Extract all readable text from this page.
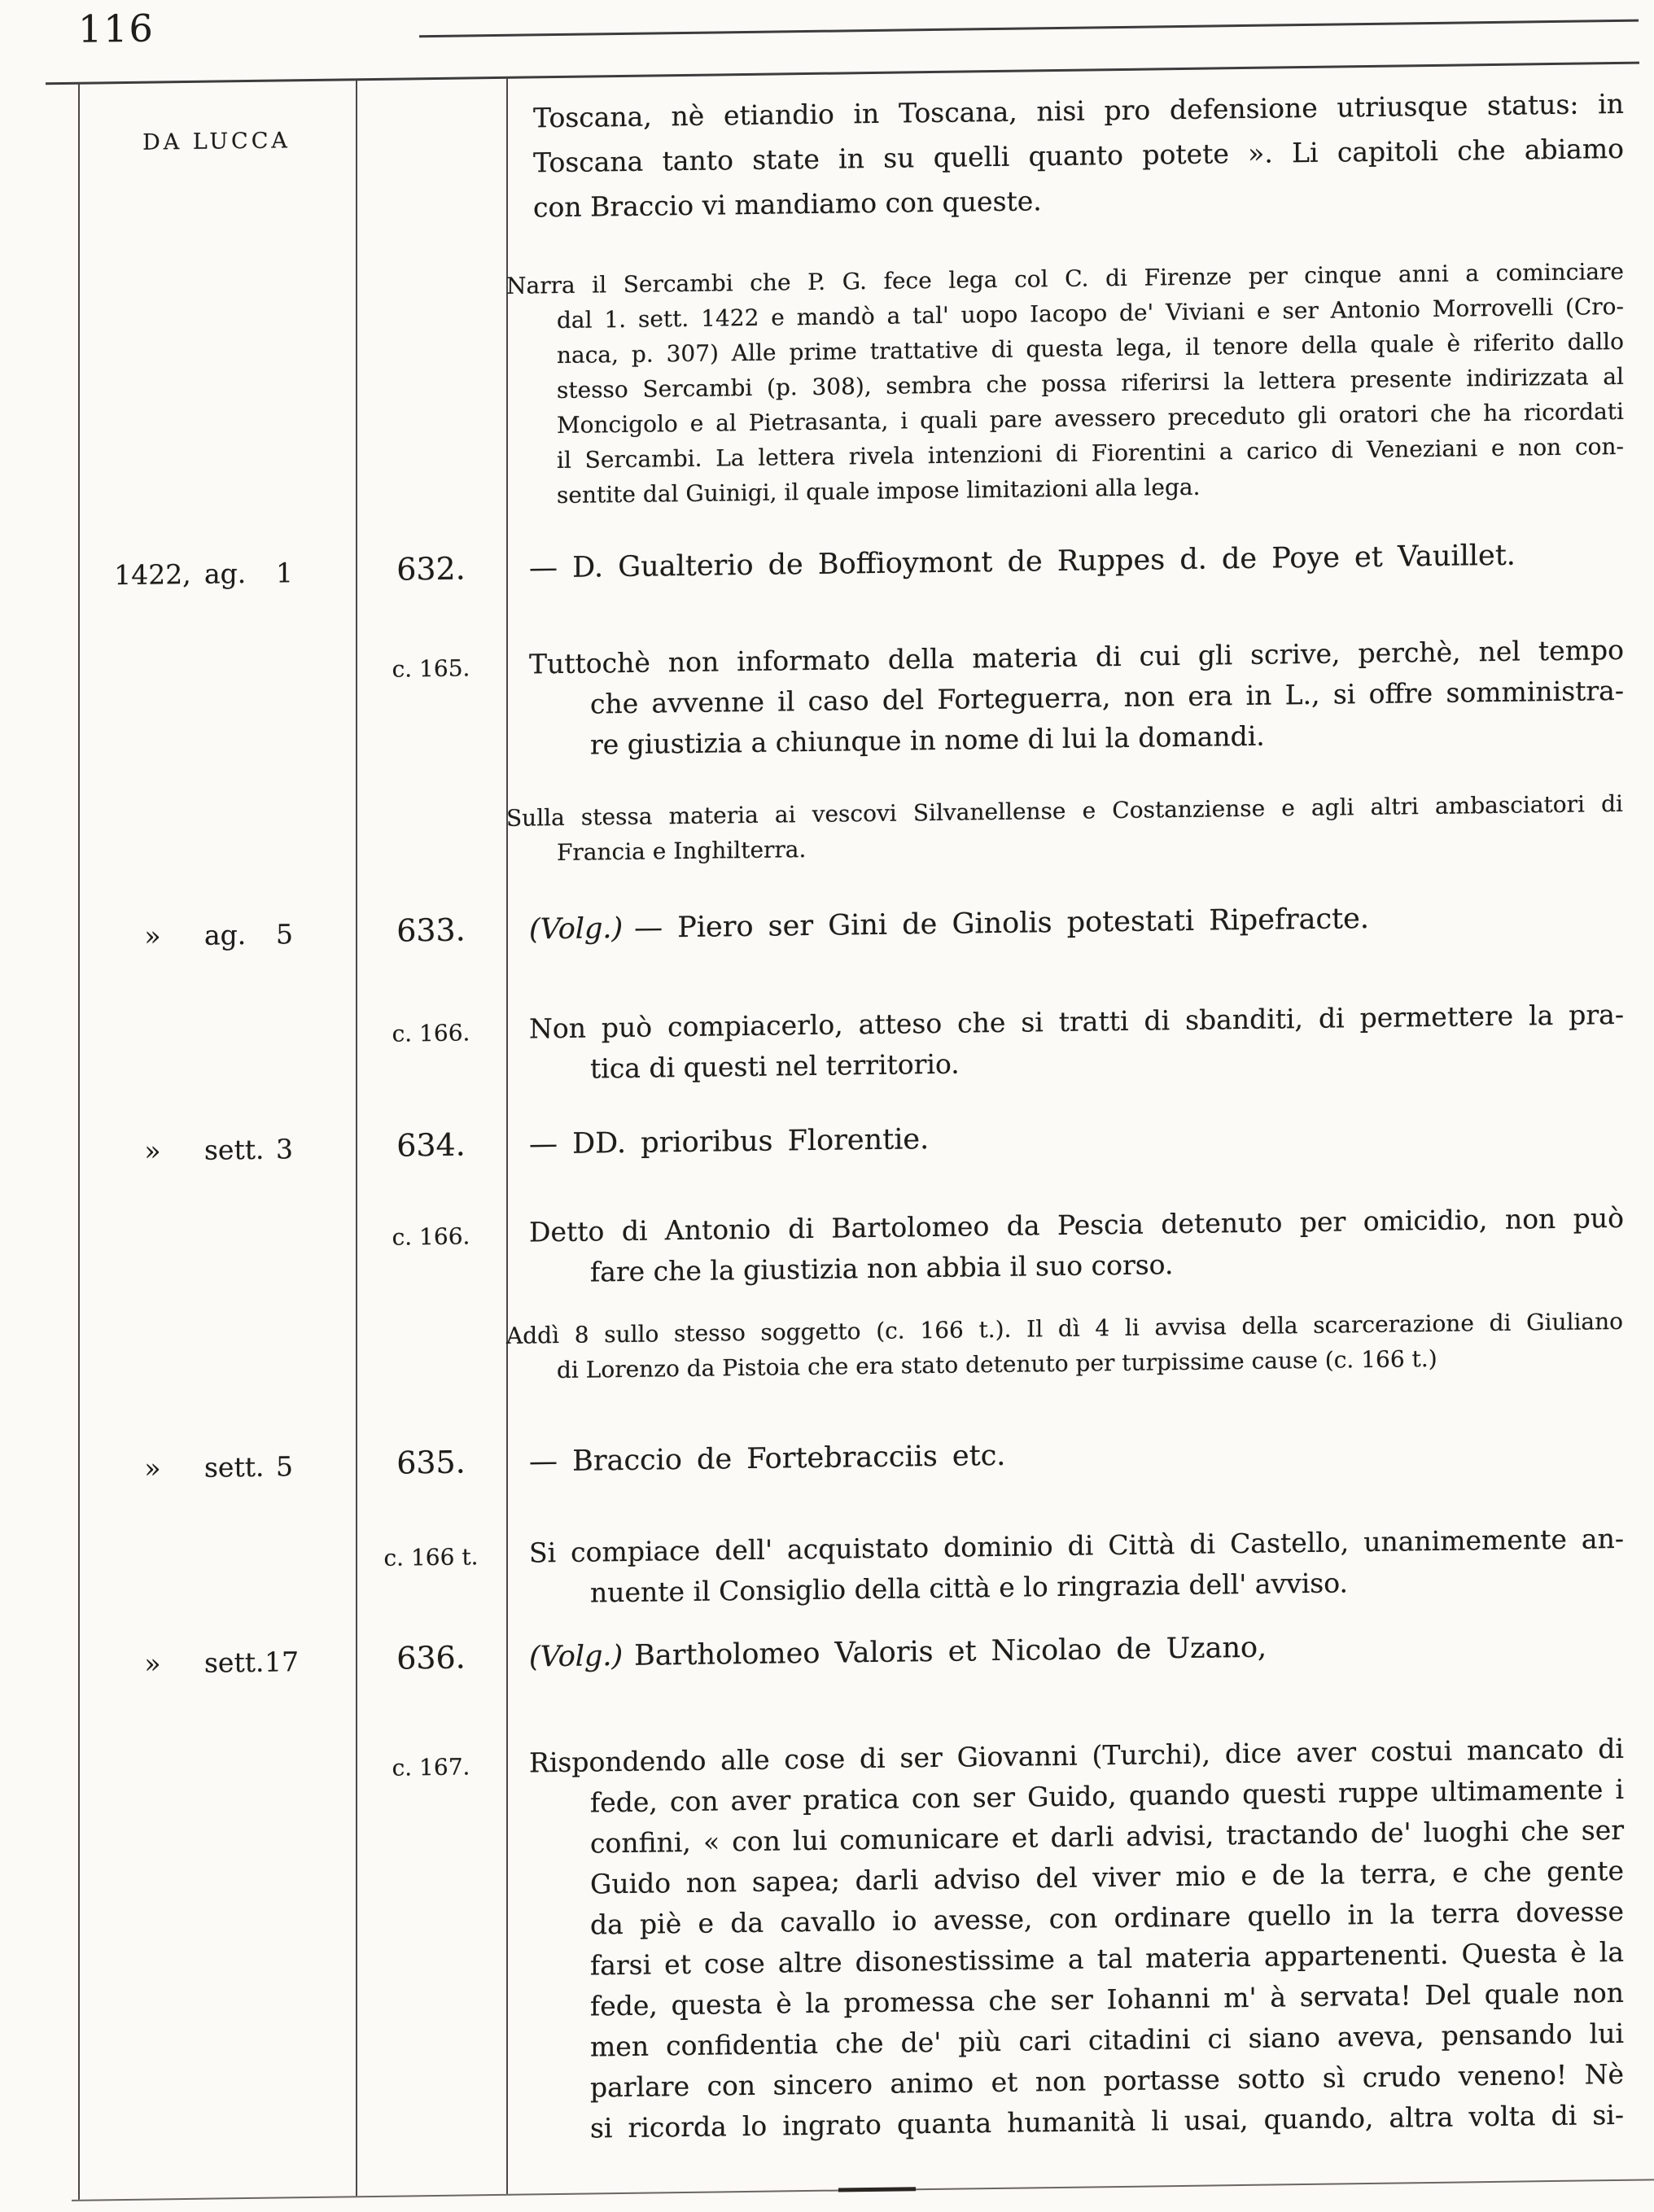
116
DA LUCCA
Toscana, nè etiandio in Toscana, nisi pro defensione utriusque status: in
Toscana tanto state in su quelli quanto potete ». Li capitoli che abiamo
con Braccio vi mandiamo con queste.
Narra il Sercambi che P. G. fece lega col C. di Firenze per cinque anni a cominciare
dal 1. sett. 1422 e mandò a tal' uopo Iacopo de' Viviani e ser Antonio Morrovelli (Cro-
naca, p. 307) Alle prime trattative di questa lega, il tenore della quale è riferito dallo
stesso Sercambi (p. 308), sembra che possa riferirsi la lettera presente indirizzata al
Moncigolo e al Pietrasanta, i quali pare avessero preceduto gli oratori che ha ricordati
il Sercambi. La lettera rivela intenzioni di Fiorentini a carico di Veneziani e non con-
sentite dal Guinigi, il quale impose limitazioni alla lega.
1422, ag.	1	632.	— D. Gualterio de Boffioymont de Ruppes d. de Poye et Vauillet.
c. 165.	Tuttochè non informato della materia di cui gli scrive, perchè, nel tempo
che avvenne il caso del Forteguerra, non era in L., si offre somministra-
re giustizia a chiunque in nome di lui la domandi.
Sulla stessa materia ai vescovi Silvanellense e Costanziense e agli altri ambasciatori di
Francia e Inghilterra.
»	ag.	5	633.	(Volg.) — Piero ser Gini de Ginolis potestati Ripefracte.
c. 166.	Non può compiacerlo, atteso che si tratti di sbanditi, di permettere la pra-
tica di questi nel territorio.
»	sett. 3	634.	— DD. prioribus Florentie.
c. 166.	Detto di Antonio di Bartolomeo da Pescia detenuto per omicidio, non può
fare che la giustizia non abbia il suo corso.
Addì 8 sullo stesso soggetto (c. 166 t.). Il dì 4 li avvisa della scarcerazione di Giuliano
di Lorenzo da Pistoia che era stato detenuto per turpissime cause (c. 166 t.)
»	sett. 5	635.	— Braccio de Fortebracciis etc.
c. 166 t.	Si compiace dell' acquistato dominio di Città di Castello, unanimemente an-
nuente il Consiglio della città e lo ringrazia dell' avviso.
»	sett. 17	636.	(Volg.) Bartholomeo Valoris et Nicolao de Uzano,
c. 167.	Rispondendo alle cose di ser Giovanni (Turchi), dice aver costui mancato di
fede, con aver pratica con ser Guido, quando questi ruppe ultimamente i
confini, « con lui comunicare et darli advisi, tractando de' luoghi che ser
Guido non sapea; darli adviso del viver mio e de la terra, e che gente
da piè e da cavallo io avesse, con ordinare quello in la terra dovesse
farsi et cose altre disonestissime a tal materia appartenenti. Questa è la
fede, questa è la promessa che ser Iohanni m' à servata! Del quale non
men confidentia che de' più cari citadini ci siano aveva, pensando lui
parlare con sincero animo et non portasse sotto sì crudo veneno! Nè
si ricorda lo ingrato quanta humanità li usai, quando, altra volta di si-
